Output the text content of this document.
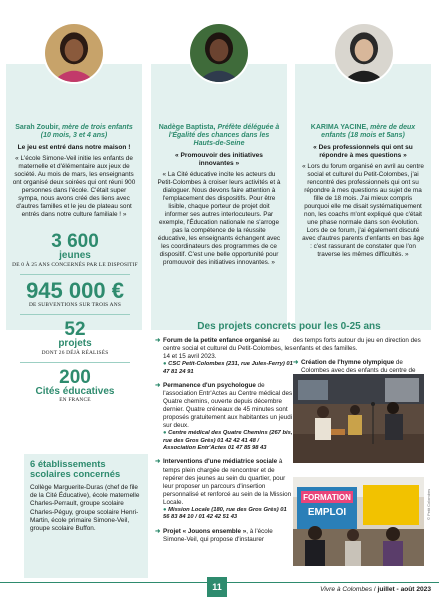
Sarah Zoubir, mère de trois enfants (10 mois, 3 et 4 ans)
Le jeu est entré dans notre maison !
« L'école Simone-Veil initie les enfants de maternelle et d'élémentaire aux jeux de société. Au mois de mars, les enseignants ont organisé deux soirées qui ont réuni 900 personnes dans l'école. C'était super sympa, nous avons créé des liens avec d'autres familles et le jeu de plateau sont entrés dans notre culture familiale ! »
Nadège Baptista, Préfète déléguée à l'Égalité des chances dans les Hauts-de-Seine
« Promouvoir des initiatives innovantes »
« La Cité éducative incite les acteurs du Petit-Colombes à croiser leurs activités et à dialoguer. Nous devons faire attention à l'emplacement des dispositifs. Pour être lisible, chaque porteur de projet doit informer ses autres interlocuteurs. Par exemple, l'Éducation nationale ne s'arroge pas la compétence de la réussite éducative, les enseignants échangent avec les coordinateurs des programmes de ce dispositif. C'est une belle opportunité pour promouvoir des initiatives innovantes. »
KARIMA YACINE, mère de deux enfants (18 mois et 5ans)
« Des professionnels qui ont su répondre à mes questions »
« Lors du forum organisé en avril au centre social et culturel du Petit-Colombes, j'ai rencontré des professionnels qui ont su répondre à mes questions au sujet de ma fille de 18 mois. J'ai mieux compris pourquoi elle me disait systématiquement non, les coachs m'ont expliqué que c'était une phase normale dans son évolution. Lors de ce forum, j'ai également discuté avec d'autres parents d'enfants en bas âge : c'est rassurant de constater que l'on traverse les mêmes difficultés. »
3 600
jeunes
DE 0 À 25 ANS CONCERNÉS PAR LE DISPOSITIF
945 000 €
DE SUBVENTIONS SUR TROIS ANS
52
projets
DONT 26 DÉJÀ RÉALISÉS
200
Cités éducatives
EN FRANCE
6 établissements scolaires concernés
Collège Marguerite-Duras (chef de file de la Cité Éducative), école maternelle Charles-Perrault, groupe scolaire Charles-Péguy, groupe scolaire Henri-Martin, école primaire Simone-Veil, groupe scolaire Buffon.
Des projets concrets pour les 0-25 ans
➜ Forum de la petite enfance organisé au centre social et culturel du Petit-Colombes, les 14 et 15 avril 2023.
● CSC Petit-Colombes (231, rue Jules-Ferry) 01 47 81 24 91
➜ Permanence d'un psychologue de l'association Entr'Actes au Centre médical des Quatre chemins, ouverte depuis décembre dernier. Quatre créneaux de 45 minutes sont proposés gratuitement aux habitantes un jeudi sur deux.
● Centre médical des Quatre Chemins (267 bis, rue des Gros Grès) 01 42 42 41 48 / Association Entr'Actes 01 47 85 98 43
➜ Interventions d'une médiatrice sociale à temps plein chargée de rencontrer et de repérer des jeunes au sein du quartier, pour leur proposer un parcours d'insertion personnalisé et renforcé au sein de la Mission Locale.
● Mission Locale (180, rue des Gros Grès) 01 56 83 84 10 / 01 42 42 51 43
➜ Projet « Jouons ensemble », à l'école Simone-Veil, qui propose d'instaurer
des temps forts autour du jeu en direction des enfants et des familles.
➜ Création de l'hymne olympique de Colombes avec des enfants du centre de
FORMATION
EMPLOI	© Petit Colombes
11	Vivre à Colombes / juillet - août 2023
